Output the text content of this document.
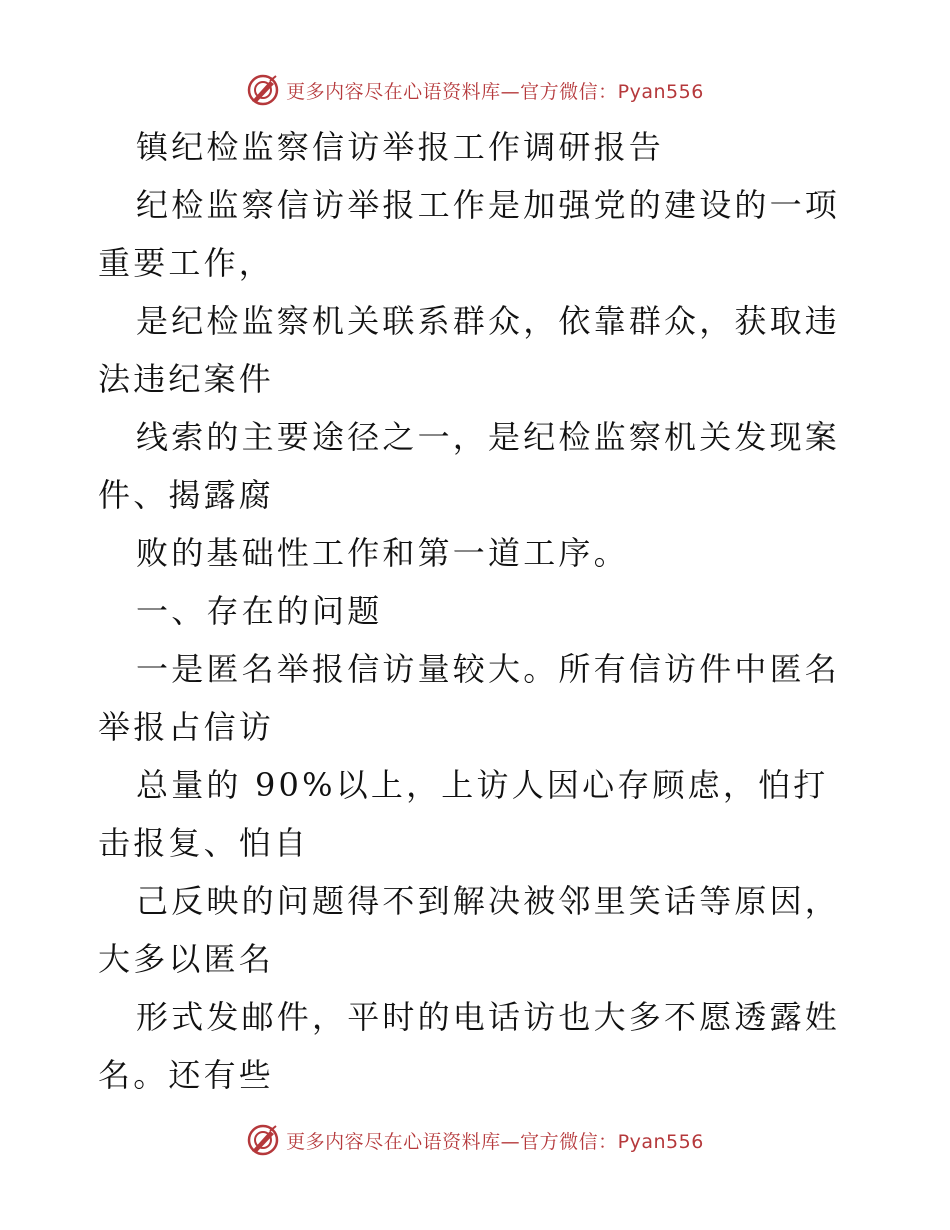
更多内容尽在心语资料库—官方微信：Pyan556

镇纪检监察信访举报工作调研报告

纪检监察信访举报工作是加强党的建设的一项重要工作，

是纪检监察机关联系群众，依靠群众，获取违法违纪案件

线索的主要途径之一，是纪检监察机关发现案件、揭露腐

败的基础性工作和第一道工序。

一、存在的问题

一是匿名举报信访量较大。所有信访件中匿名举报占信访

总量的 90%以上，上访人因心存顾虑，怕打击报复、怕自

己反映的问题得不到解决被邻里笑话等原因，大多以匿名

形式发邮件，平时的电话访也大多不愿透露姓名。还有些

更多内容尽在心语资料库—官方微信：Pyan556
